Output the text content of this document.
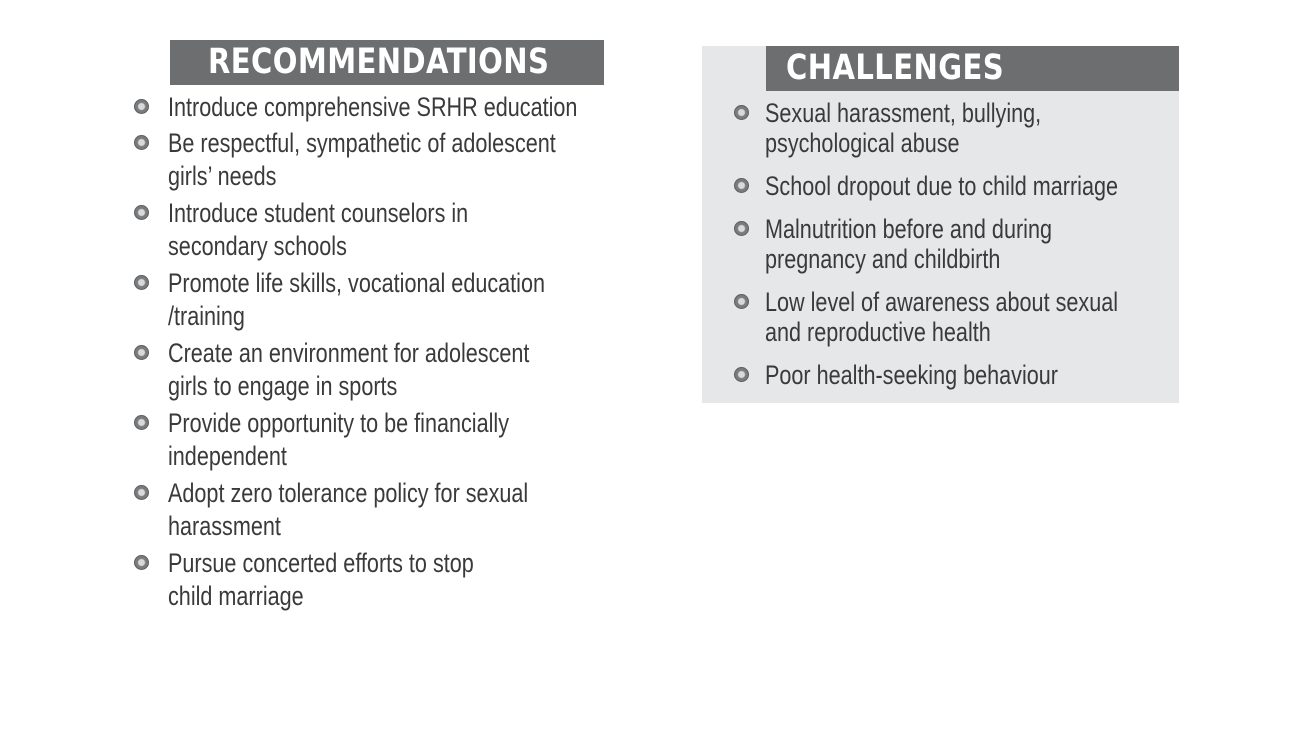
RECOMMENDATIONS
Introduce comprehensive SRHR education
Be respectful, sympathetic of adolescent girls’ needs
Introduce student counselors in secondary schools
Promote life skills, vocational education /training
Create an environment for adolescent girls to engage in sports
Provide opportunity to be financially independent
Adopt zero tolerance policy for sexual harassment
Pursue concerted efforts to stop child marriage
CHALLENGES
Sexual harassment, bullying, psychological abuse
School dropout due to child marriage
Malnutrition before and during pregnancy and childbirth
Low level of awareness about sexual and reproductive health
Poor health-seeking behaviour
